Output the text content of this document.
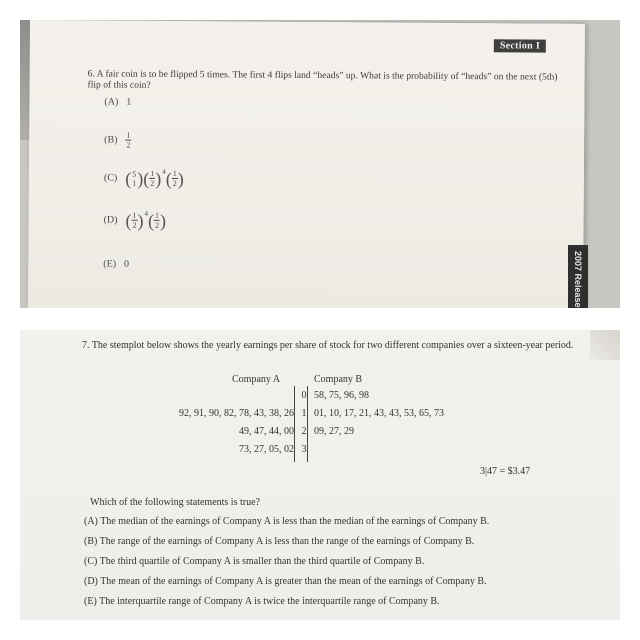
Section I
6. A fair coin is to be flipped 5 times. The first 4 flips land “heads” up. What is the probability of “heads” on the next (5th) flip of this coin?
(A) 1
$(B) \frac{1}{2}$
(C) ( 5
1 ) ( $\frac{1}{2}$ ) 4 ( $\frac{1}{2}$ )
(D) ( $\frac{1}{2}$ ) 4 ( $\frac{1}{2}$ )
(E) 0	2007 Release
7. The stemplot below shows the yearly earnings per share of stock for two different companies over a sixteen-year period.
Company A	Company B
0 58, 75, 96, 98
92, 91, 90, 82, 78, 43, 38, 26 1 01, 10, 17, 21, 43, 43, 53, 65, 73
49, 47, 44, 00 2 09, 27, 29
73, 27, 05, 02 3
3|47 = $3.47
Which of the following statements is true?
(A) The median of the earnings of Company A is less than the median of the earnings of Company B.
(B) The range of the earnings of Company A is less than the range of the earnings of Company B.
(C) The third quartile of Company A is smaller than the third quartile of Company B.
(D) The mean of the earnings of Company A is greater than the mean of the earnings of Company B.
(E) The interquartile range of Company A is twice the interquartile range of Company B.
